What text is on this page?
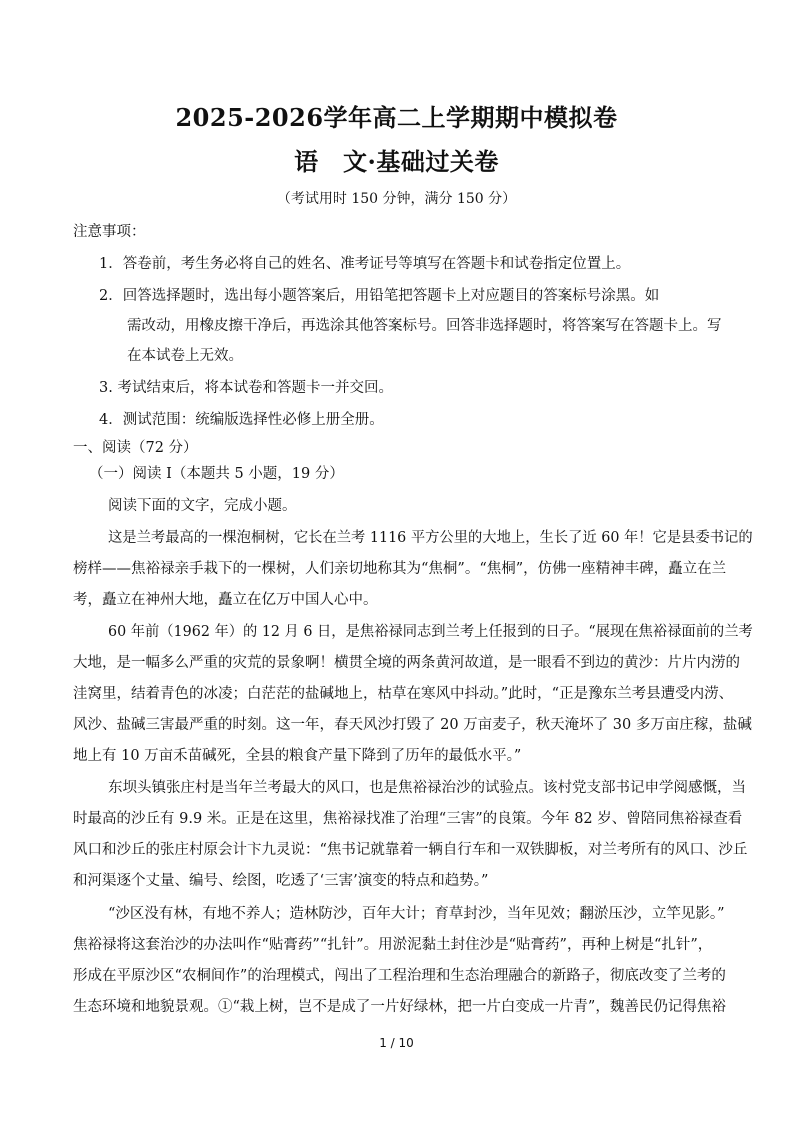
2025-2026学年高二上学期期中模拟卷
语　文·基础过关卷
（考试用时 150 分钟，满分 150 分）
注意事项：
1．答卷前，考生务必将自己的姓名、准考证号等填写在答题卡和试卷指定位置上。
2．回答选择题时，选出每小题答案后，用铅笔把答题卡上对应题目的答案标号涂黑。如
需改动，用橡皮擦干净后，再选涂其他答案标号。回答非选择题时，将答案写在答题卡上。写
在本试卷上无效。
3. 考试结束后，将本试卷和答题卡一并交回。
4．测试范围：统编版选择性必修上册全册。
一、阅读（72 分）
（一）阅读 I（本题共 5 小题，19 分）
阅读下面的文字，完成小题。
这是兰考最高的一棵泡桐树，它长在兰考 1116 平方公里的大地上，生长了近 60 年！它是县委书记的
榜样——焦裕禄亲手栽下的一棵树，人们亲切地称其为“焦桐”。“焦桐”，仿佛一座精神丰碑，矗立在兰
考，矗立在神州大地，矗立在亿万中国人心中。
60 年前（1962 年）的 12 月 6 日，是焦裕禄同志到兰考上任报到的日子。“展现在焦裕禄面前的兰考
大地，是一幅多么严重的灾荒的景象啊！横贯全境的两条黄河故道，是一眼看不到边的黄沙：片片内涝的
洼窝里，结着青色的冰凌；白茫茫的盐碱地上，枯草在寒风中抖动。”此时，“正是豫东兰考县遭受内涝、
风沙、盐碱三害最严重的时刻。这一年，春天风沙打毁了 20 万亩麦子，秋天淹坏了 30 多万亩庄稼，盐碱
地上有 10 万亩禾苗碱死，全县的粮食产量下降到了历年的最低水平。”
东坝头镇张庄村是当年兰考最大的风口，也是焦裕禄治沙的试验点。该村党支部书记申学阅感慨，当
时最高的沙丘有 9.9 米。正是在这里，焦裕禄找准了治理“三害”的良策。今年 82 岁、曾陪同焦裕禄查看
风口和沙丘的张庄村原会计卞九灵说：“焦书记就靠着一辆自行车和一双铁脚板，对兰考所有的风口、沙丘
和河渠逐个丈量、编号、绘图，吃透了‘三害’演变的特点和趋势。”
“沙区没有林，有地不养人；造林防沙，百年大计；育草封沙，当年见效；翻淤压沙，立竿见影。”
焦裕禄将这套治沙的办法叫作“贴膏药”“扎针”。用淤泥黏土封住沙是“贴膏药”，再种上树是“扎针”，
形成在平原沙区“农桐间作”的治理模式，闯出了工程治理和生态治理融合的新路子，彻底改变了兰考的
生态环境和地貌景观。①“栽上树，岂不是成了一片好绿林，把一片白变成一片青”，魏善民仍记得焦裕
1 / 10
